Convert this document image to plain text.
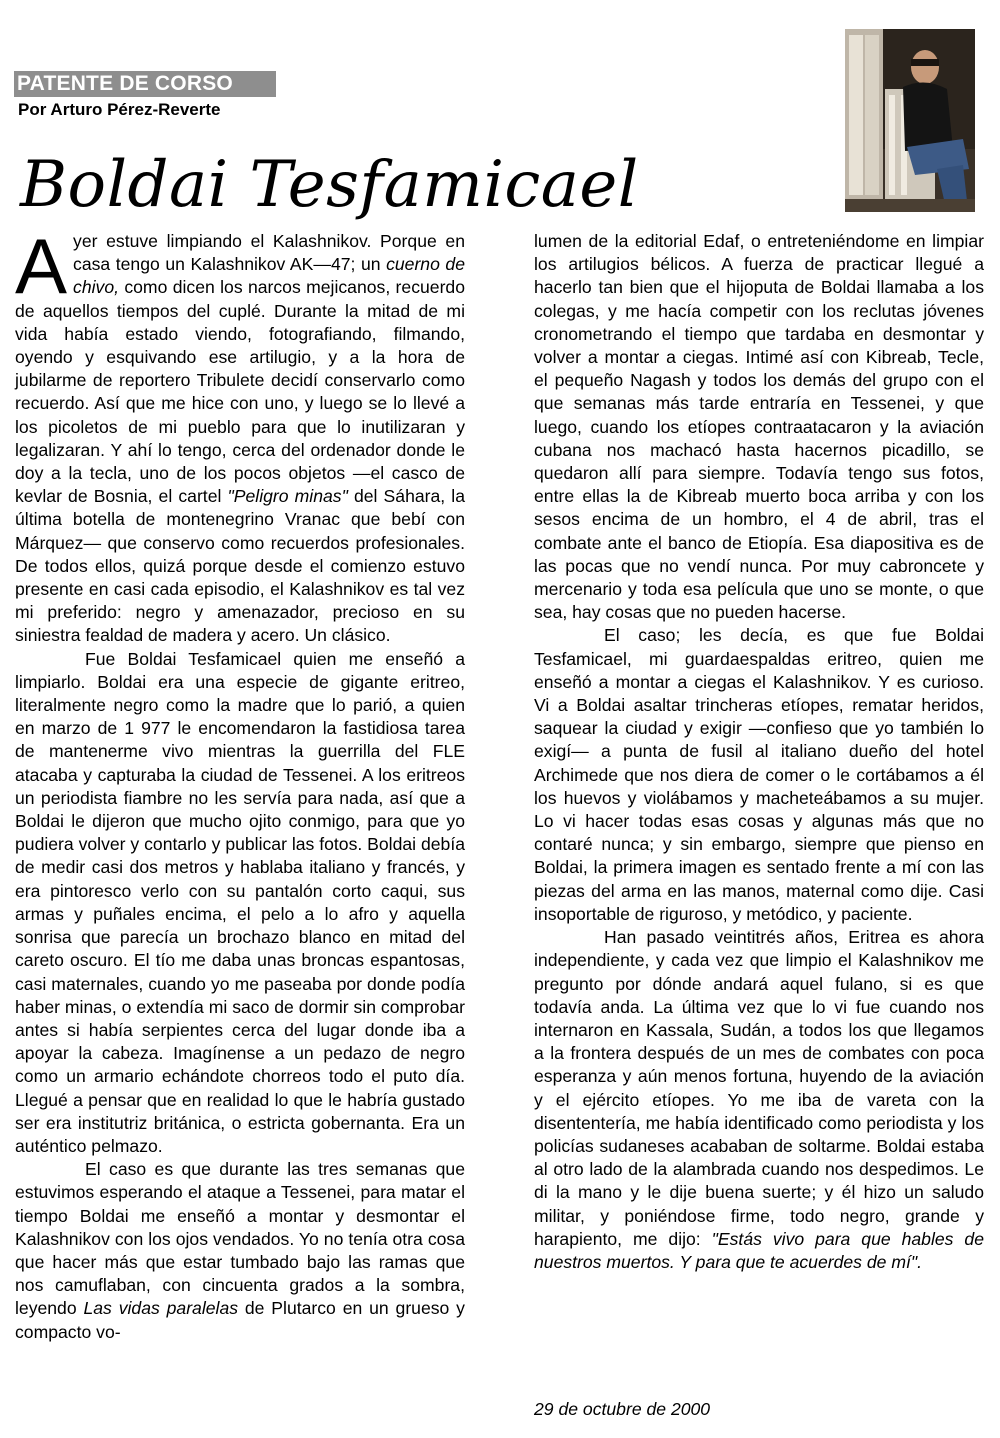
PATENTE DE CORSO
Por Arturo Pérez-Reverte
Boldai Tesfamicael

Ayer estuve limpiando el Kalashnikov. Porque en casa tengo un Kalashnikov AK—47; un cuerno de chivo, como dicen los narcos mejicanos, recuerdo de aquellos tiempos del cuplé. Durante la mitad de mi vida había estado viendo, fotografiando, filmando, oyendo y esquivando ese artilugio, y a la hora de jubilarme de reportero Tribulete decidí conservarlo como recuerdo. Así que me hice con uno, y luego se lo llevé a los picoletos de mi pueblo para que lo inutilizaran y legalizaran. Y ahí lo tengo, cerca del ordenador donde le doy a la tecla, uno de los pocos objetos —el casco de kevlar de Bosnia, el cartel "Peligro minas" del Sáhara, la última botella de montenegrino Vranac que bebí con Márquez— que conservo como recuerdos profesionales. De todos ellos, quizá porque desde el comienzo estuvo presente en casi cada episodio, el Kalashnikov es tal vez mi preferido: negro y amenazador, precioso en su siniestra fealdad de madera y acero. Un clásico.

Fue Boldai Tesfamicael quien me enseñó a limpiarlo. Boldai era una especie de gigante eritreo, literalmente negro como la madre que lo parió, a quien en marzo de 1 977 le encomendaron la fastidiosa tarea de mantenerme vivo mientras la guerrilla del FLE atacaba y capturaba la ciudad de Tessenei. A los eritreos un periodista fiambre no les servía para nada, así que a Boldai le dijeron que mucho ojito conmigo, para que yo pudiera volver y contarlo y publicar las fotos. Boldai debía de medir casi dos metros y hablaba italiano y francés, y era pintoresco verlo con su pantalón corto caqui, sus armas y puñales encima, el pelo a lo afro y aquella sonrisa que parecía un brochazo blanco en mitad del careto oscuro. El tío me daba unas broncas espantosas, casi maternales, cuando yo me paseaba por donde podía haber minas, o extendía mi saco de dormir sin comprobar antes si había serpientes cerca del lugar donde iba a apoyar la cabeza. Imagínense a un pedazo de negro como un armario echándote chorreos todo el puto día. Llegué a pensar que en realidad lo que le habría gustado ser era institutriz británica, o estricta gobernanta. Era un auténtico pelmazo.

El caso es que durante las tres semanas que estuvimos esperando el ataque a Tessenei, para matar el tiempo Boldai me enseñó a montar y desmontar el Kalashnikov con los ojos vendados. Yo no tenía otra cosa que hacer más que estar tumbado bajo las ramas que nos camuflaban, con cincuenta grados a la sombra, leyendo Las vidas paralelas de Plutarco en un grueso y compacto vo-

lumen de la editorial Edaf, o entreteniéndome en limpiar los artilugios bélicos. A fuerza de practicar llegué a hacerlo tan bien que el hijoputa de Boldai llamaba a los colegas, y me hacía competir con los reclutas jóvenes cronometrando el tiempo que tardaba en desmontar y volver a montar a ciegas. Intimé así con Kibreab, Tecle, el pequeño Nagash y todos los demás del grupo con el que semanas más tarde entraría en Tessenei, y que luego, cuando los etíopes contraatacaron y la aviación cubana nos machacó hasta hacernos picadillo, se quedaron allí para siempre. Todavía tengo sus fotos, entre ellas la de Kibreab muerto boca arriba y con los sesos encima de un hombro, el 4 de abril, tras el combate ante el banco de Etiopía. Esa diapositiva es de las pocas que no vendí nunca. Por muy cabroncete y mercenario y toda esa película que uno se monte, o que sea, hay cosas que no pueden hacerse.

El caso; les decía, es que fue Boldai Tesfamicael, mi guardaespaldas eritreo, quien me enseñó a montar a ciegas el Kalashnikov. Y es curioso. Vi a Boldai asaltar trincheras etíopes, rematar heridos, saquear la ciudad y exigir —confieso que yo también lo exigí— a punta de fusil al italiano dueño del hotel Archimede que nos diera de comer o le cortábamos a él los huevos y violábamos y macheteábamos a su mujer. Lo vi hacer todas esas cosas y algunas más que no contaré nunca; y sin embargo, siempre que pienso en Boldai, la primera imagen es sentado frente a mí con las piezas del arma en las manos, maternal como dije. Casi insoportable de riguroso, y metódico, y paciente.

Han pasado veintitrés años, Eritrea es ahora independiente, y cada vez que limpio el Kalashnikov me pregunto por dónde andará aquel fulano, si es que todavía anda. La última vez que lo vi fue cuando nos internaron en Kassala, Sudán, a todos los que llegamos a la frontera después de un mes de combates con poca esperanza y aún menos fortuna, huyendo de la aviación y el ejército etíopes. Yo me iba de vareta con la disententería, me había identificado como periodista y los policías sudaneses acababan de soltarme. Boldai estaba al otro lado de la alambrada cuando nos despedimos. Le di la mano y le dije buena suerte; y él hizo un saludo militar, y poniéndose firme, todo negro, grande y harapiento, me dijo: "Estás vivo para que hables de nuestros muertos. Y para que te acuerdes de mí".

29 de octubre de 2000
